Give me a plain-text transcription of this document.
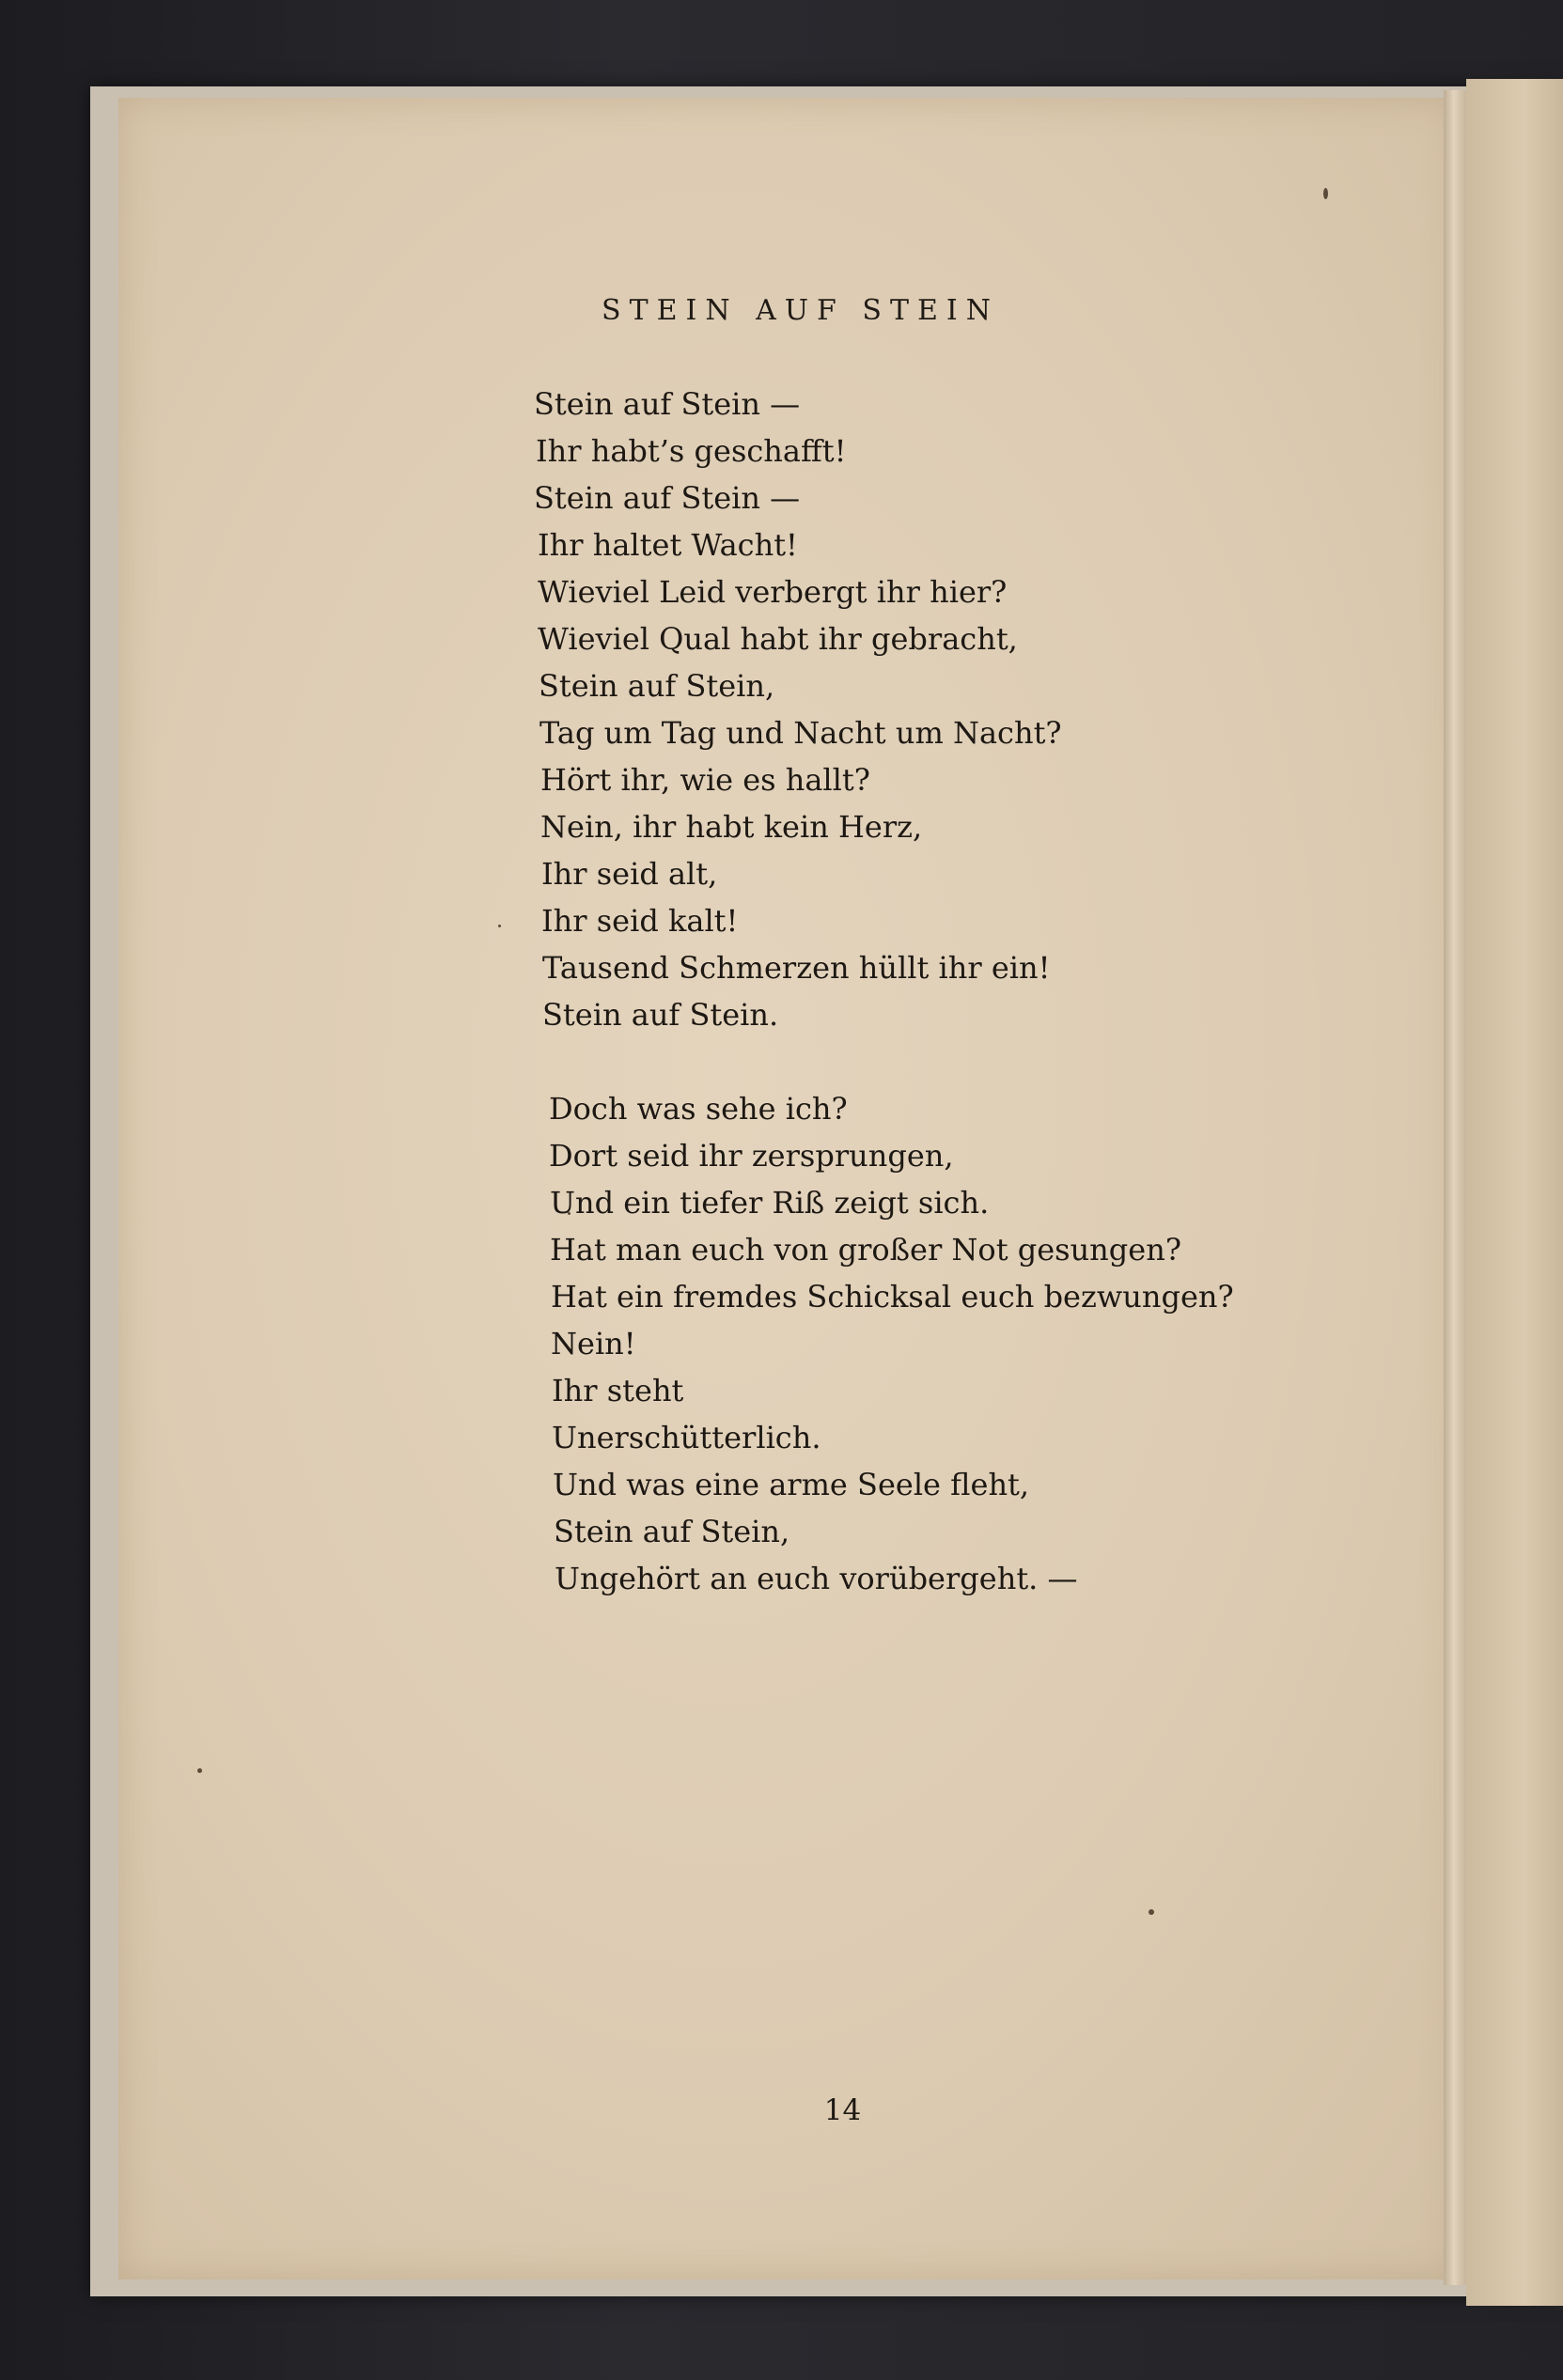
STEIN AUF STEIN
Stein auf Stein —
Ihr habt’s geschafft!
Stein auf Stein —
Ihr haltet Wacht!
Wieviel Leid verbergt ihr hier?
Wieviel Qual habt ihr gebracht,
Stein auf Stein,
Tag um Tag und Nacht um Nacht?
Hört ihr, wie es hallt?
Nein, ihr habt kein Herz,
Ihr seid alt,
Ihr seid kalt!
Tausend Schmerzen hüllt ihr ein!
Stein auf Stein.
Doch was sehe ich?
Dort seid ihr zersprungen,
Und ein tiefer Riß zeigt sich.
Hat man euch von großer Not gesungen?
Hat ein fremdes Schicksal euch bezwungen?
Nein!
Ihr steht
Unerschütterlich.
Und was eine arme Seele fleht,
Stein auf Stein,
Ungehört an euch vorübergeht. —
14
